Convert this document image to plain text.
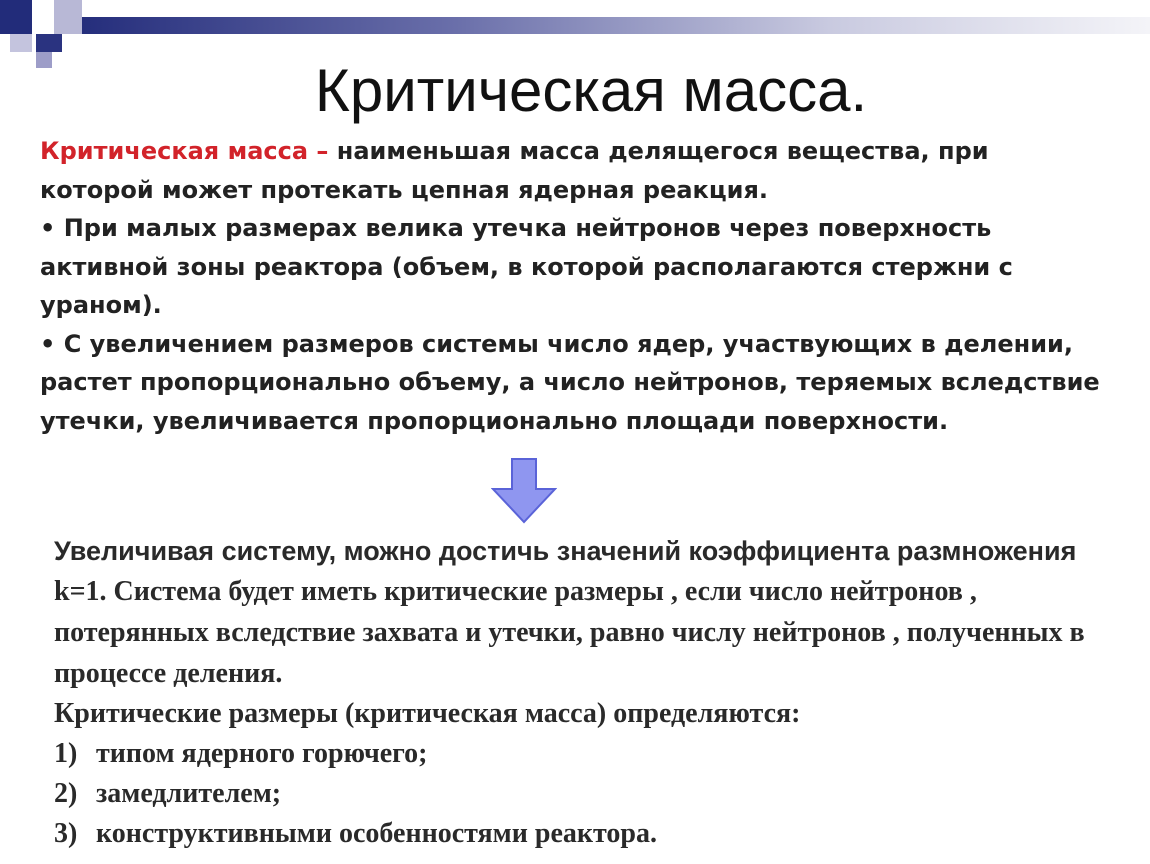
Критическая масса.

Критическая масса – наименьшая масса делящегося вещества, при которой может протекать цепная ядерная реакция.

• При малых размерах велика утечка нейтронов через поверхность активной зоны реактора (объем, в которой располагаются стержни с ураном).

• С увеличением размеров системы число ядер, участвующих в делении, растет пропорционально объему, а число нейтронов, теряемых вследствие утечки, увеличивается пропорционально площади поверхности.

Увеличивая систему, можно достичь значений коэффициента размножения k=1. Система будет иметь критические размеры , если число нейтронов , потерянных вследствие захвата и утечки, равно числу нейтронов , полученных в процессе деления.

Критические размеры (критическая масса) определяются:

1) типом ядерного горючего;
2) замедлителем;
3) конструктивными особенностями реактора.
